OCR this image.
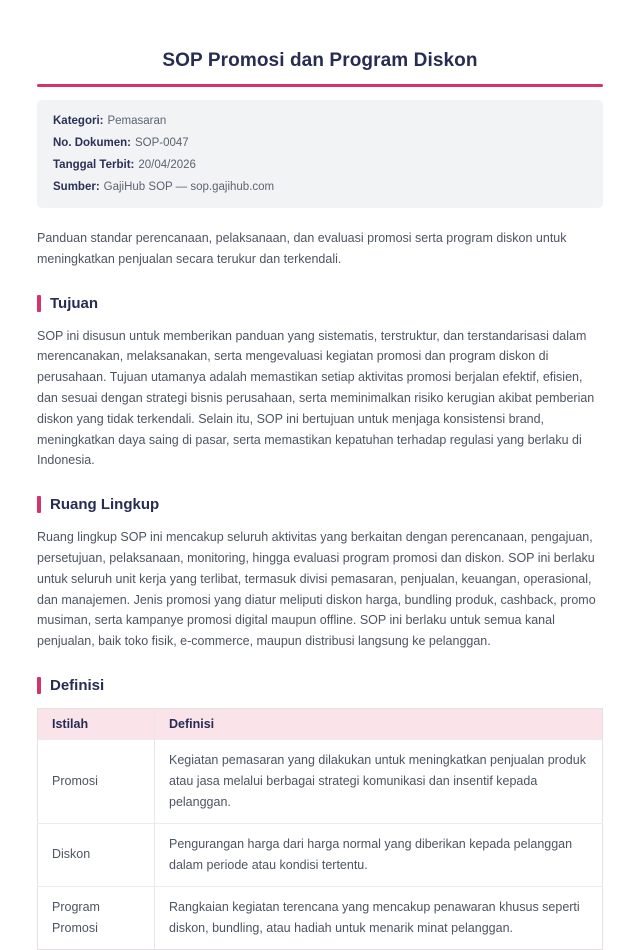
SOP Promosi dan Program Diskon
Kategori: Pemasaran
No. Dokumen: SOP-0047
Tanggal Terbit: 20/04/2026
Sumber: GajiHub SOP — sop.gajihub.com

Panduan standar perencanaan, pelaksanaan, dan evaluasi promosi serta program diskon untuk meningkatkan penjualan secara terukur dan terkendali.

Tujuan

SOP ini disusun untuk memberikan panduan yang sistematis, terstruktur, dan terstandarisasi dalam merencanakan, melaksanakan, serta mengevaluasi kegiatan promosi dan program diskon di perusahaan. Tujuan utamanya adalah memastikan setiap aktivitas promosi berjalan efektif, efisien, dan sesuai dengan strategi bisnis perusahaan, serta meminimalkan risiko kerugian akibat pemberian diskon yang tidak terkendali. Selain itu, SOP ini bertujuan untuk menjaga konsistensi brand, meningkatkan daya saing di pasar, serta memastikan kepatuhan terhadap regulasi yang berlaku di Indonesia.

Ruang Lingkup

Ruang lingkup SOP ini mencakup seluruh aktivitas yang berkaitan dengan perencanaan, pengajuan, persetujuan, pelaksanaan, monitoring, hingga evaluasi program promosi dan diskon. SOP ini berlaku untuk seluruh unit kerja yang terlibat, termasuk divisi pemasaran, penjualan, keuangan, operasional, dan manajemen. Jenis promosi yang diatur meliputi diskon harga, bundling produk, cashback, promo musiman, serta kampanye promosi digital maupun offline. SOP ini berlaku untuk semua kanal penjualan, baik toko fisik, e-commerce, maupun distribusi langsung ke pelanggan.

Definisi
Istilah	Definisi
Promosi	Kegiatan pemasaran yang dilakukan untuk meningkatkan penjualan produk atau jasa melalui berbagai strategi komunikasi dan insentif kepada pelanggan.
Diskon	Pengurangan harga dari harga normal yang diberikan kepada pelanggan dalam periode atau kondisi tertentu.
Program Promosi	Rangkaian kegiatan terencana yang mencakup penawaran khusus seperti diskon, bundling, atau hadiah untuk menarik minat pelanggan.
